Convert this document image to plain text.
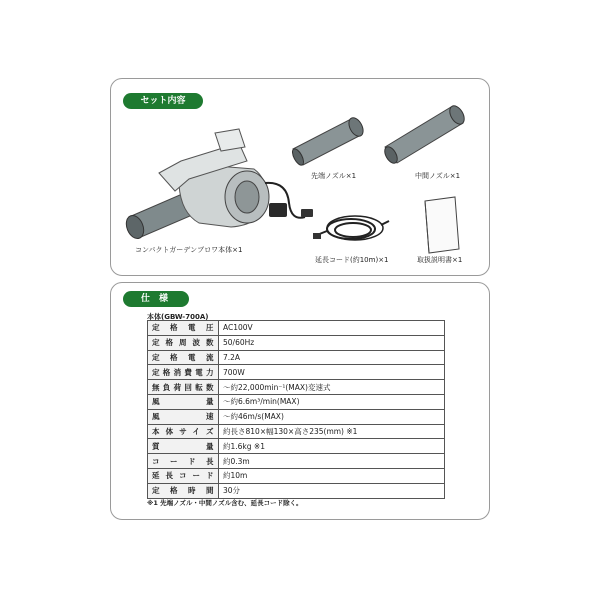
セット内容
コンパクトガーデンブロワ本体×1
先端ノズル×1	中間ノズル×1
延長コード(約10m)×1	取扱説明書×1
仕 様
本体(GBW-700A)
定格電圧	AC100V
定格周波数	50/60Hz
定格電流	7.2A
定格消費電力	700W
無負荷回転数	～約22,000min⁻¹(MAX)変速式
風量	～約6.6m³/min(MAX)
風速	～約46m/s(MAX)
本体サイズ	約長さ810×幅130×高さ235(mm) ※1
質量	約1.6kg ※1
コード長	約0.3m
延長コード	約10m
定格時間	30分
※1 先端ノズル・中間ノズル含む、延長コード除く。
